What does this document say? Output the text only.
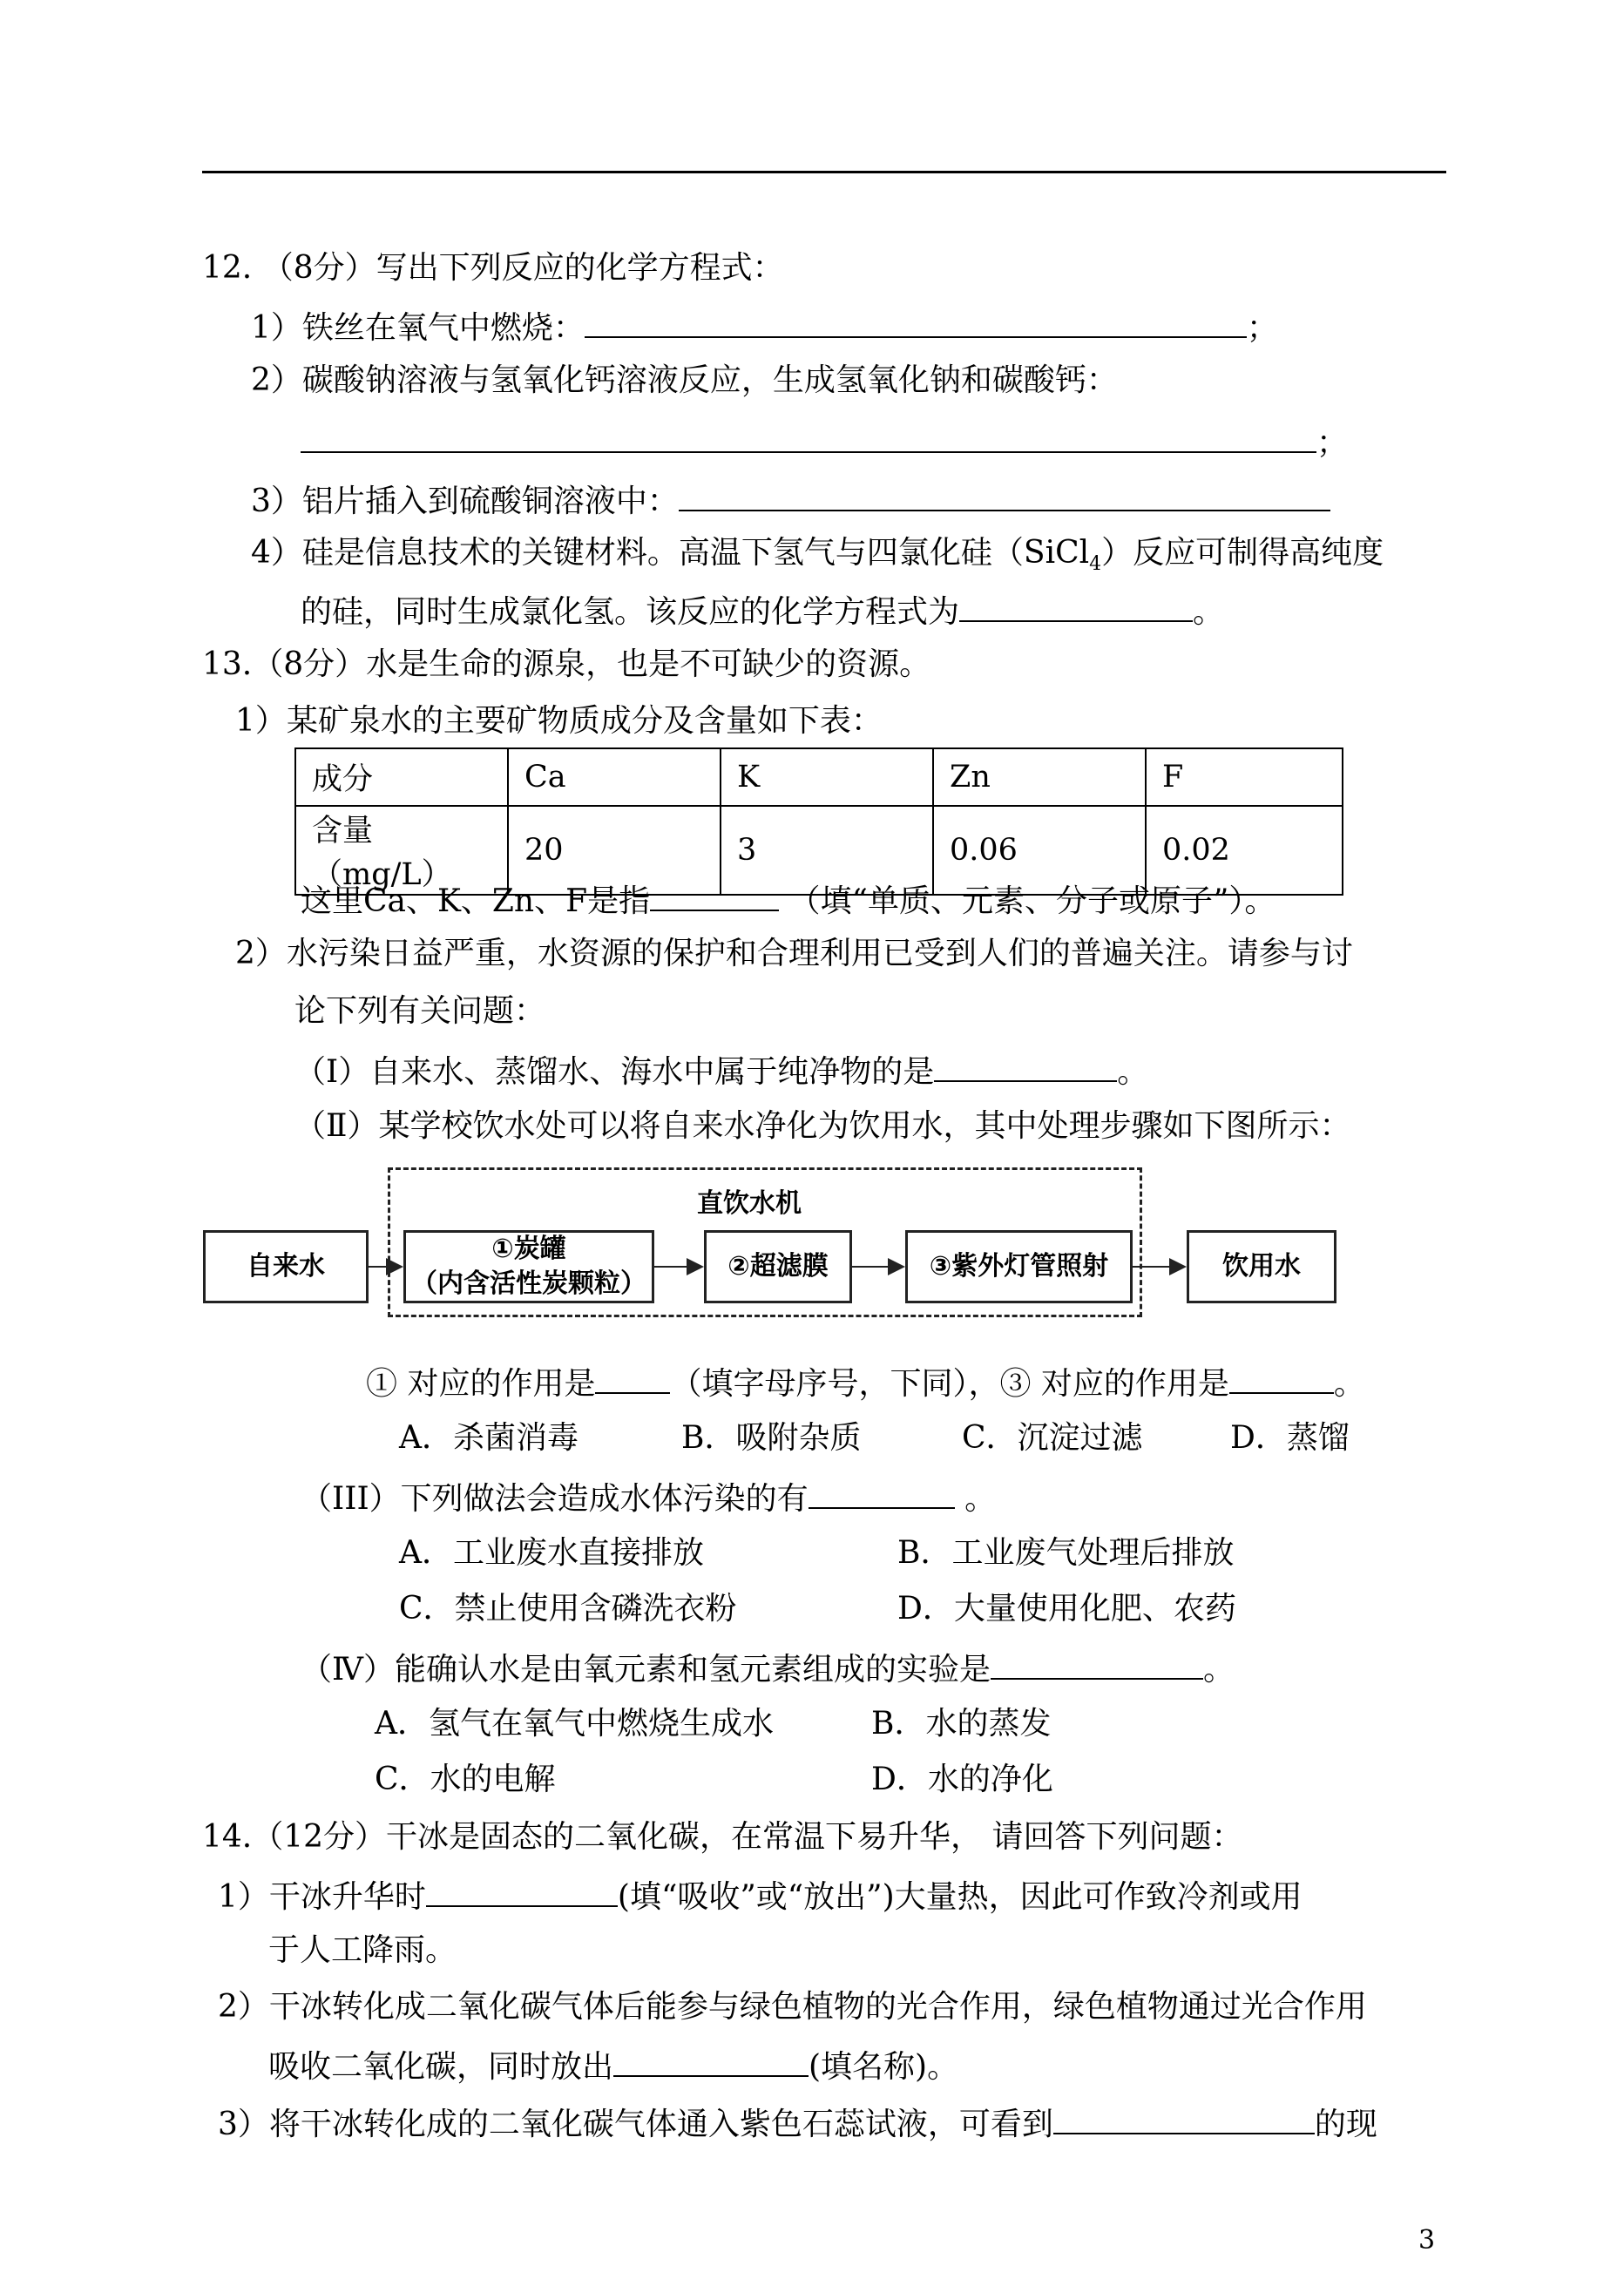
12. （8分）写出下列反应的化学方程式：
1）铁丝在氧气中燃烧：	；
2）碳酸钠溶液与氢氧化钙溶液反应，生成氢氧化钠和碳酸钙：
；
3）铝片插入到硫酸铜溶液中：
4）硅是信息技术的关键材料。高温下氢气与四氯化硅（SiCl$_4$）反应可制得高纯度
的硅，同时生成氯化氢。该反应的化学方程式为	。
13.（8分）水是生命的源泉，也是不可缺少的资源。
1）某矿泉水的主要矿物质成分及含量如下表：
成分	Ca	K	Zn	F
含量（mg/L）	20	3	0.06	0.02
这里Ca、K、Zn、F是指	（填“单质、元素、分子或原子”）。
2）水污染日益严重，水资源的保护和合理利用已受到人们的普遍关注。请参与讨
论下列有关问题：
（Ⅰ）自来水、蒸馏水、海水中属于纯净物的是	。
（Ⅱ）某学校饮水处可以将自来水净化为饮用水，其中处理步骤如下图所示：
直饮水机
自来水
①炭罐
（内含活性炭颗粒）
②超滤膜	③紫外灯管照射	饮用水
① 对应的作用是 （填字母序号，下同），③ 对应的作用是	。
A．杀菌消毒	B．吸附杂质	C．沉淀过滤	D．蒸馏
（III）下列做法会造成水体污染的有	。
A．工业废水直接排放	B．工业废气处理后排放
C．禁止使用含磷洗衣粉	D．大量使用化肥、农药
（Ⅳ）能确认水是由氧元素和氢元素组成的实验是	。
A．氢气在氧气中燃烧生成水	B．水的蒸发
C．水的电解	D．水的净化
14.（12分）干冰是固态的二氧化碳，在常温下易升华， 请回答下列问题：
1）干冰升华时	(填“吸收”或“放出”)大量热，因此可作致冷剂或用
于人工降雨。
2）干冰转化成二氧化碳气体后能参与绿色植物的光合作用，绿色植物通过光合作用
吸收二氧化碳，同时放出	(填名称)。
3）将干冰转化成的二氧化碳气体通入紫色石蕊试液，可看到	的现
3
